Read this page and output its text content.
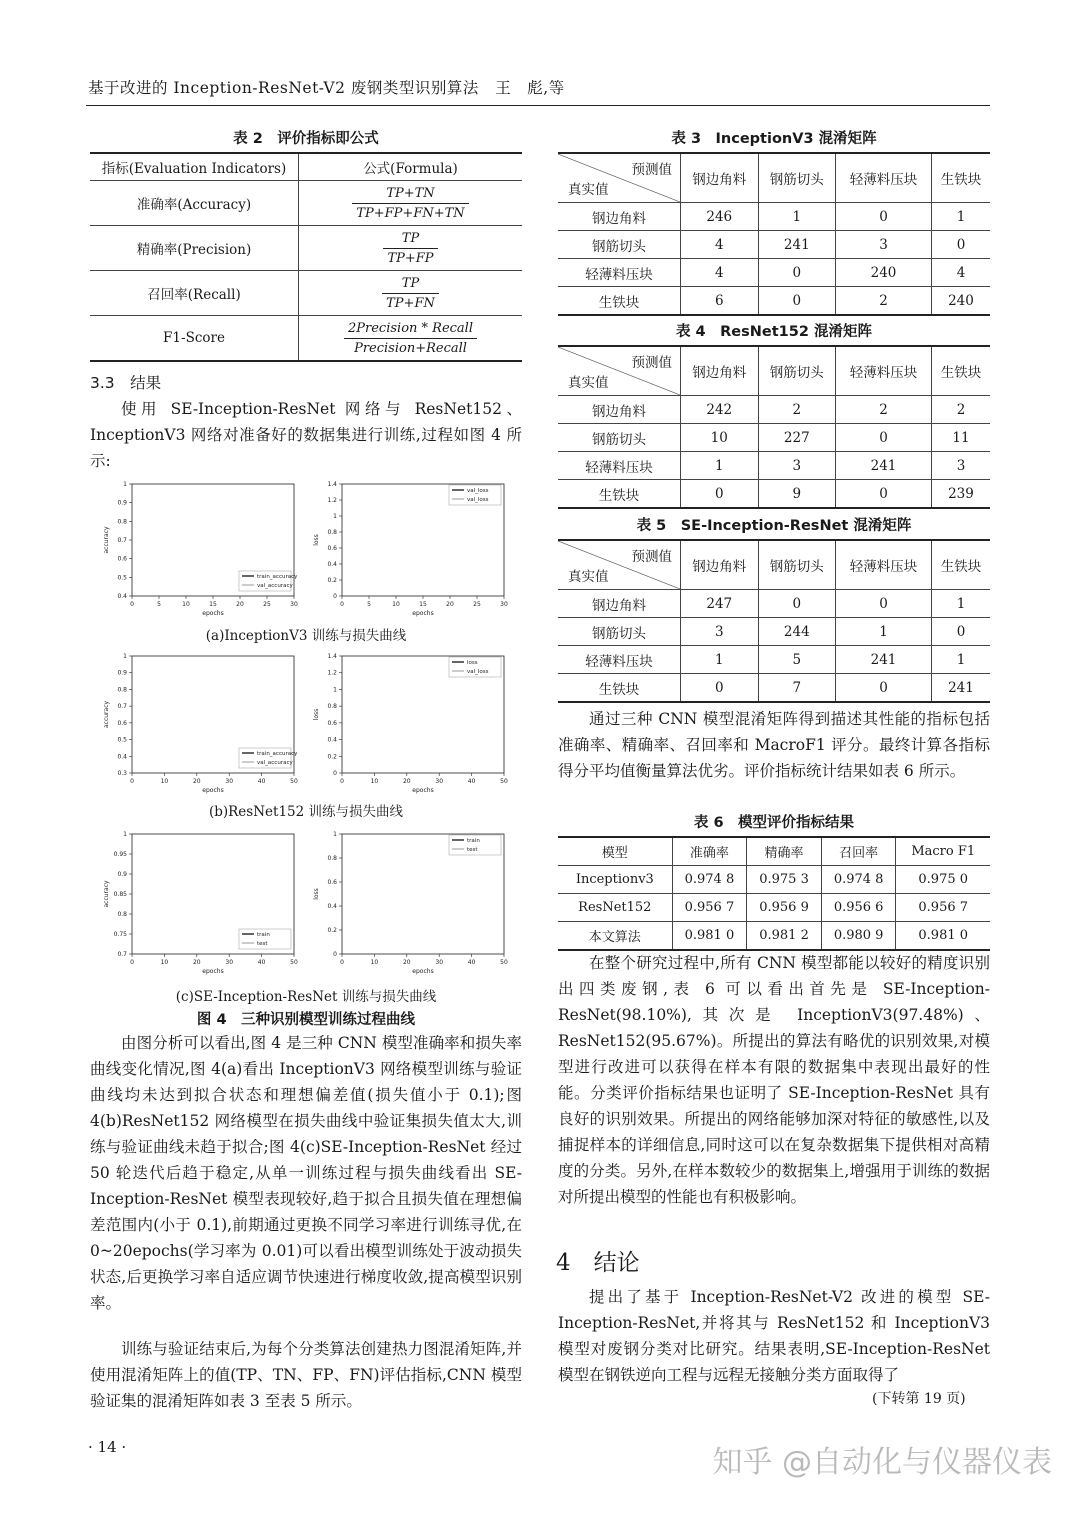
基于改进的 Inception-ResNet-V2 废钢类型识别算法 王　彪,等
表 2　评价指标即公式
指标(Evaluation Indicators)	公式(Formula)
准确率(Accuracy)	$\frac{TP+TN}{TP+FP+FN+TN}$

精确率(Precision)	$\frac{TP}{TP+FP}$

召回率(Recall)	$\frac{TP}{TP+FN}$

F1-Score	$\frac{\text{2Precision * Recall}}{\text{Precision+Recall}}$
3.3　结果
使用 SE-Inception-ResNet 网络与 ResNet152、InceptionV3 网络对准备好的数据集进行训练,过程如图 4 所示:
0	5	10	15	20	25	30
0.4
0.5
0.6
0.7
0.8
0.9
1
epochs
accuracy
train_accuracy
val_accuracy
0	5	10	15	20	25	30
0
0.2
0.4
0.6
0.8
1
1.2
1.4
epochs
loss
val_loss
val_loss
(a)InceptionV3 训练与损失曲线
0	10	20	30	40	50
0.3
0.4
0.5
0.6
0.7
0.8
0.9
1
epochs
accuracy
train_accuracy
val_accuracy
0	10	20	30	40	50
0
0.2
0.4
0.6
0.8
1
1.2
1.4
epochs
loss
loss
val_loss
(b)ResNet152 训练与损失曲线
0	10	20	30	40	50
0.7
0.75
0.8
0.85
0.9
0.95
1
epochs
accuracy
train
test
0	10	20	30	40	50
0
0.2
0.4
0.6
0.8
1
epochs
loss
train
test
(c)SE-Inception-ResNet 训练与损失曲线
图 4　三种识别模型训练过程曲线
由图分析可以看出,图 4 是三种 CNN 模型准确率和损失率曲线变化情况,图 4(a)看出 InceptionV3 网络模型训练与验证曲线均未达到拟合状态和理想偏差值(损失值小于 0.1);图 4(b)ResNet152 网络模型在损失曲线中验证集损失值太大,训练与验证曲线未趋于拟合;图 4(c)SE-Inception-ResNet 经过 50 轮迭代后趋于稳定,从单一训练过程与损失曲线看出 SE-Inception-ResNet 模型表现较好,趋于拟合且损失值在理想偏差范围内(小于 0.1),前期通过更换不同学习率进行训练寻优,在 0~20epochs(学习率为 0.01)可以看出模型训练处于波动损失状态,后更换学习率自适应调节快速进行梯度收敛,提高模型识别率。
训练与验证结束后,为每个分类算法创建热力图混淆矩阵,并使用混淆矩阵上的值(TP、TN、FP、FN)评估指标,CNN 模型验证集的混淆矩阵如表 3 至表 5 所示。
· 14 ·
表 3　InceptionV3 混淆矩阵
预测值
真实值	钢边角料	钢筋切头	轻薄料压块	生铁块
钢边角料	246	1	0	1
钢筋切头	4	241	3	0
轻薄料压块	4	0	240	4
生铁块	6	0	2	240
表 4　ResNet152 混淆矩阵
预测值
真实值	钢边角料	钢筋切头	轻薄料压块	生铁块
钢边角料	242	2	2	2
钢筋切头	10	227	0	11
轻薄料压块	1	3	241	3
生铁块	0	9	0	239
表 5　SE-Inception-ResNet 混淆矩阵
预测值
真实值	钢边角料	钢筋切头	轻薄料压块	生铁块
钢边角料	247	0	0	1
钢筋切头	3	244	1	0
轻薄料压块	1	5	241	1
生铁块	0	7	0	241
通过三种 CNN 模型混淆矩阵得到描述其性能的指标包括准确率、精确率、召回率和 MacroF1 评分。最终计算各指标得分平均值衡量算法优劣。评价指标统计结果如表 6 所示。
表 6　模型评价指标结果
模型	准确率	精确率	召回率	Macro F1
Inceptionv3	0.974 8	0.975 3	0.974 8	0.975 0
ResNet152	0.956 7	0.956 9	0.956 6	0.956 7
本文算法	0.981 0	0.981 2	0.980 9	0.981 0
在整个研究过程中,所有 CNN 模型都能以较好的精度识别出四类废钢,表 6 可以看出首先是 SE-Inception-ResNet(98.10%),其次是 InceptionV3(97.48%)、ResNet152(95.67%)。所提出的算法有略优的识别效果,对模型进行改进可以获得在样本有限的数据集中表现出最好的性能。分类评价指标结果也证明了 SE-Inception-ResNet 具有良好的识别效果。所提出的网络能够加深对特征的敏感性,以及捕捉样本的详细信息,同时这可以在复杂数据集下提供相对高精度的分类。另外,在样本数较少的数据集上,增强用于训练的数据对所提出模型的性能也有积极影响。
4　结论
提出了基于 Inception-ResNet-V2 改进的模型 SE-Inception-ResNet,并将其与 ResNet152 和 InceptionV3 模型对废钢分类对比研究。结果表明,SE-Inception-ResNet 模型在钢铁逆向工程与远程无接触分类方面取得了
(下转第 19 页)
知乎 @自动化与仪器仪表
